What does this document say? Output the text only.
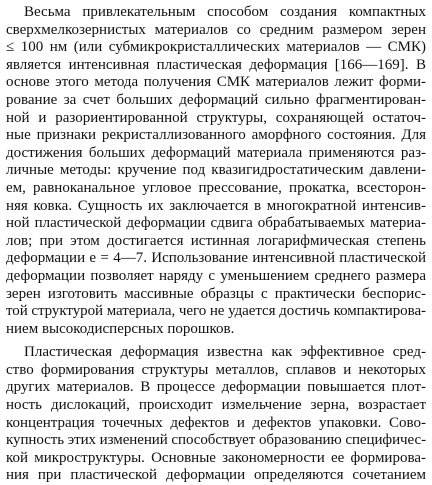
Весьма привлекательным способом создания компактных
сверхмелкозернистых материалов со средним размером зерен
≤ 100 нм (или субмикрокристаллических материалов — СМК)
является интенсивная пластическая деформация [166—169]. В
основе этого метода получения СМК материалов лежит форми-
рование за счет больших деформаций сильно фрагментирован-
ной и разориентированной структуры, сохраняющей остаточ-
ные признаки рекристаллизованного аморфного состояния. Для
достижения больших деформаций материала применяются раз-
личные методы: кручение под квазигидростатическим давлени-
ем, равноканальное угловое прессование, прокатка, всесторон-
няя ковка. Сущность их заключается в многократной интенсив-
ной пластической деформации сдвига обрабатываемых материа-
лов; при этом достигается истинная логарифмическая степень
деформации e = 4—7. Использование интенсивной пластической
деформации позволяет наряду с уменьшением среднего размера
зерен изготовить массивные образцы с практически беспорис-
той структурой материала, чего не удается достичь компактирова-
нием высокодисперсных порошков.
Пластическая деформация известна как эффективное сред-
ство формирования структуры металлов, сплавов и некоторых
других материалов. В процессе деформации повышается плот-
ность дислокаций, происходит измельчение зерна, возрастает
концентрация точечных дефектов и дефектов упаковки. Сово-
купность этих изменений способствует образованию специфичес-
кой микроструктуры. Основные закономерности ее формирова-
ния при пластической деформации определяются сочетанием
